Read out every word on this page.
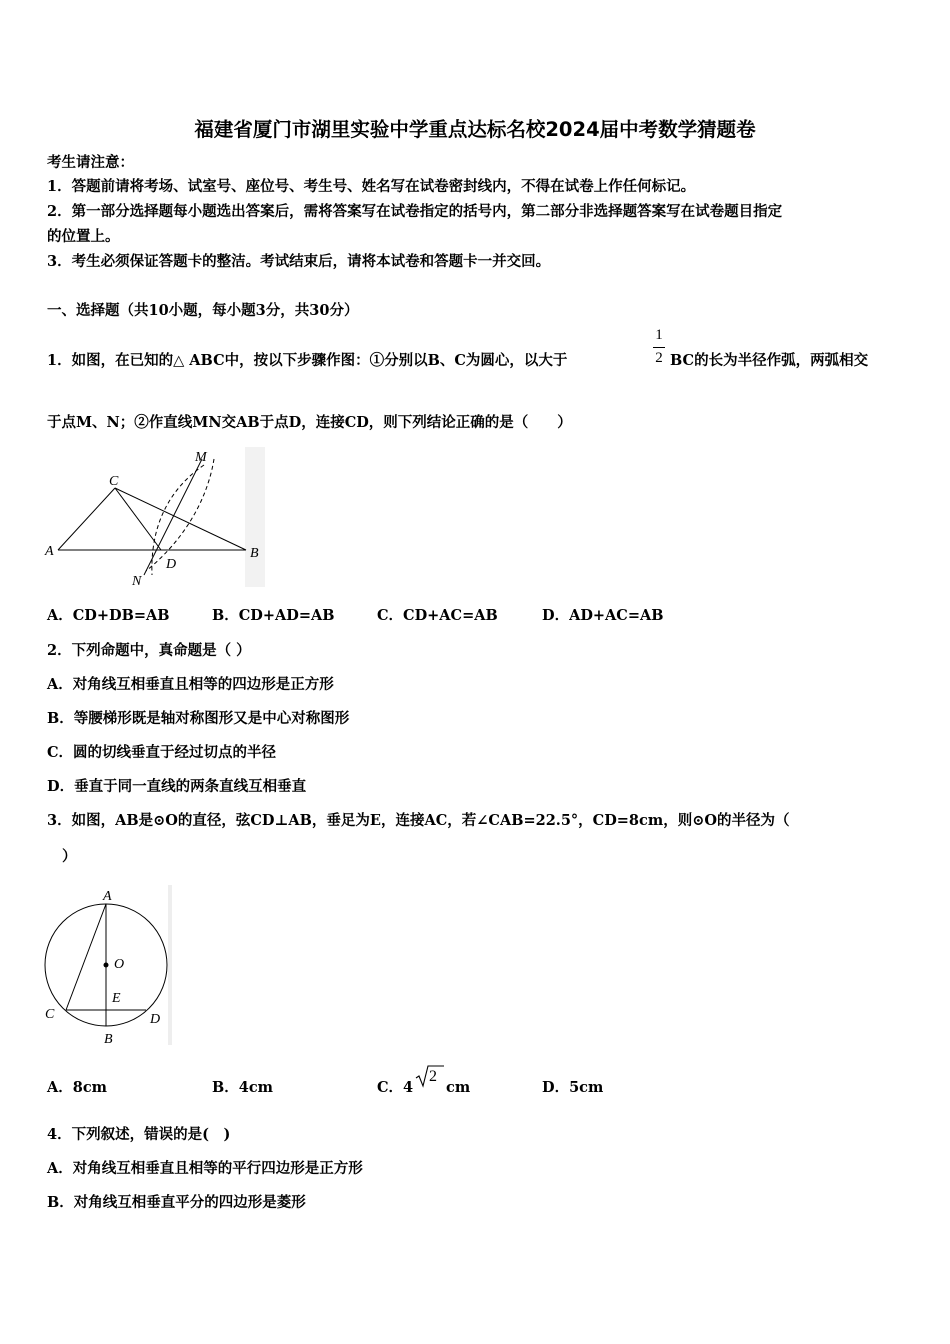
福建省厦门市湖里实验中学重点达标名校2024届中考数学猜题卷
考生请注意：
1．答题前请将考场、试室号、座位号、考生号、姓名写在试卷密封线内，不得在试卷上作任何标记。
2．第一部分选择题每小题选出答案后，需将答案写在试卷指定的括号内，第二部分非选择题答案写在试卷题目指定
的位置上。
3．考生必须保证答题卡的整洁。考试结束后，请将本试卷和答题卡一并交回。
一、选择题（共10小题，每小题3分，共30分）
1．如图，在已知的△ ABC中，按以下步骤作图：①分别以B、C为圆心，以大于
1
2 BC的长为半径作弧，两弧相交
于点M、N；②作直线MN交AB于点D，连接CD，则下列结论正确的是（　　）
A	B
C
D
M
N
A．CD+DB=AB	B．CD+AD=AB	C．CD+AC=AB	D．AD+AC=AB
2．下列命题中，真命题是（ ）
A．对角线互相垂直且相等的四边形是正方形
B．等腰梯形既是轴对称图形又是中心对称图形
C．圆的切线垂直于经过切点的半径
D．垂直于同一直线的两条直线互相垂直
3．如图，AB是⊙O的直径，弦CD⊥AB，垂足为E，连接AC，若∠CAB=22.5°，CD=8cm，则⊙O的半径为（
）
A
B
C	D
E
O
A．8cm	B．4cm	C．4
2
cm	D．5cm
4．下列叙述，错误的是(　)
A．对角线互相垂直且相等的平行四边形是正方形
B．对角线互相垂直平分的四边形是菱形
